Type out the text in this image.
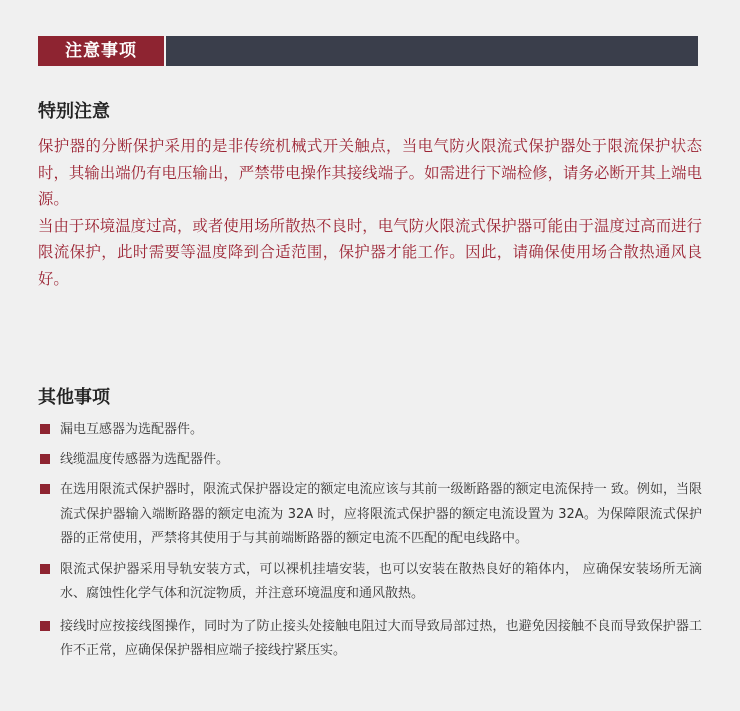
注意事项
特别注意

保护器的分断保护采用的是非传统机械式开关触点，当电气防火限流式保护器处于限流保护状态时，其输出端仍有电压输出，严禁带电操作其接线端子。如需进行下端检修，请务必断开其上端电源。

当由于环境温度过高，或者使用场所散热不良时，电气防火限流式保护器可能由于温度过高而进行限流保护，此时需要等温度降到合适范围，保护器才能工作。因此，请确保使用场合散热通风良好。

其他事项
漏电互感器为选配器件。
线缆温度传感器为选配器件。
在选用限流式保护器时，限流式保护器设定的额定电流应该与其前一级断路器的额定电流保持一 致。例如，当限流式保护器输入端断路器的额定电流为 32A 时，应将限流式保护器的额定电流设置为 32A。为保障限流式保护器的正常使用，严禁将其使用于与其前端断路器的额定电流不匹配的配电线路中。
限流式保护器采用导轨安装方式，可以裸机挂墙安装，也可以安装在散热良好的箱体内， 应确保安装场所无滴水、腐蚀性化学气体和沉淀物质，并注意环境温度和通风散热。
接线时应按接线图操作，同时为了防止接头处接触电阻过大而导致局部过热，也避免因接触不良而导致保护器工作不正常，应确保保护器相应端子接线拧紧压实。
